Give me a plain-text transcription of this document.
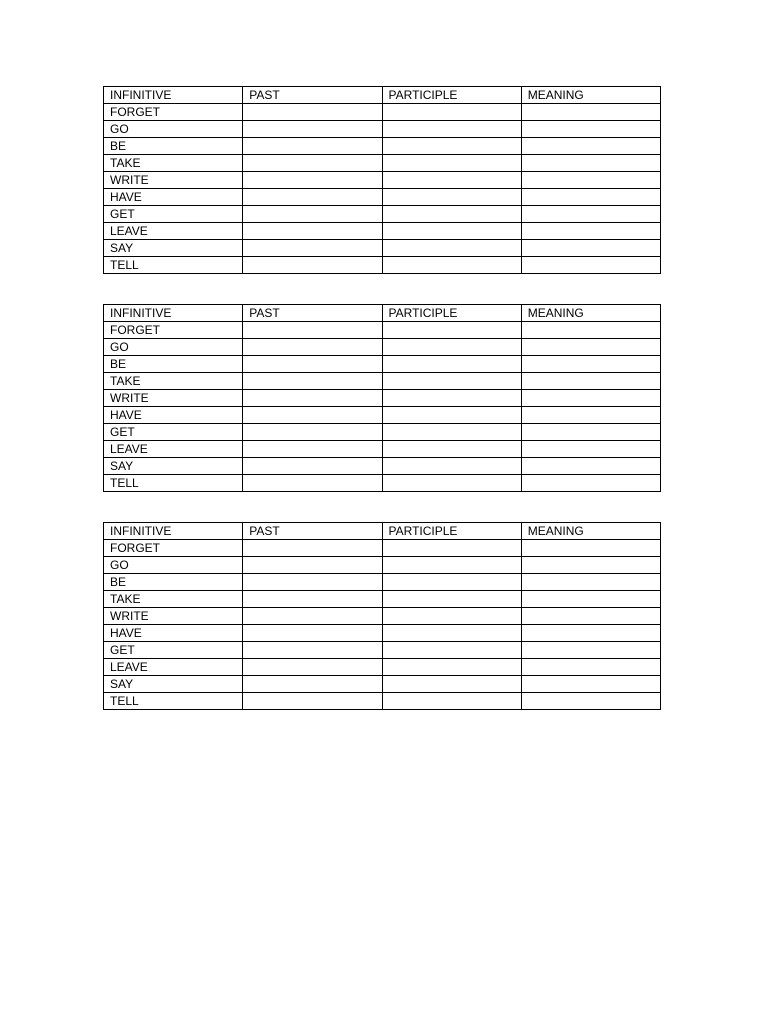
INFINITIVE	PAST	PARTICIPLE	MEANING
FORGET			
GO			
BE			
TAKE			
WRITE			
HAVE			
GET			
LEAVE			
SAY			
TELL			
INFINITIVE	PAST	PARTICIPLE	MEANING
FORGET			
GO			
BE			
TAKE			
WRITE			
HAVE			
GET			
LEAVE			
SAY			
TELL			
INFINITIVE	PAST	PARTICIPLE	MEANING
FORGET			
GO			
BE			
TAKE			
WRITE			
HAVE			
GET			
LEAVE			
SAY			
TELL			
